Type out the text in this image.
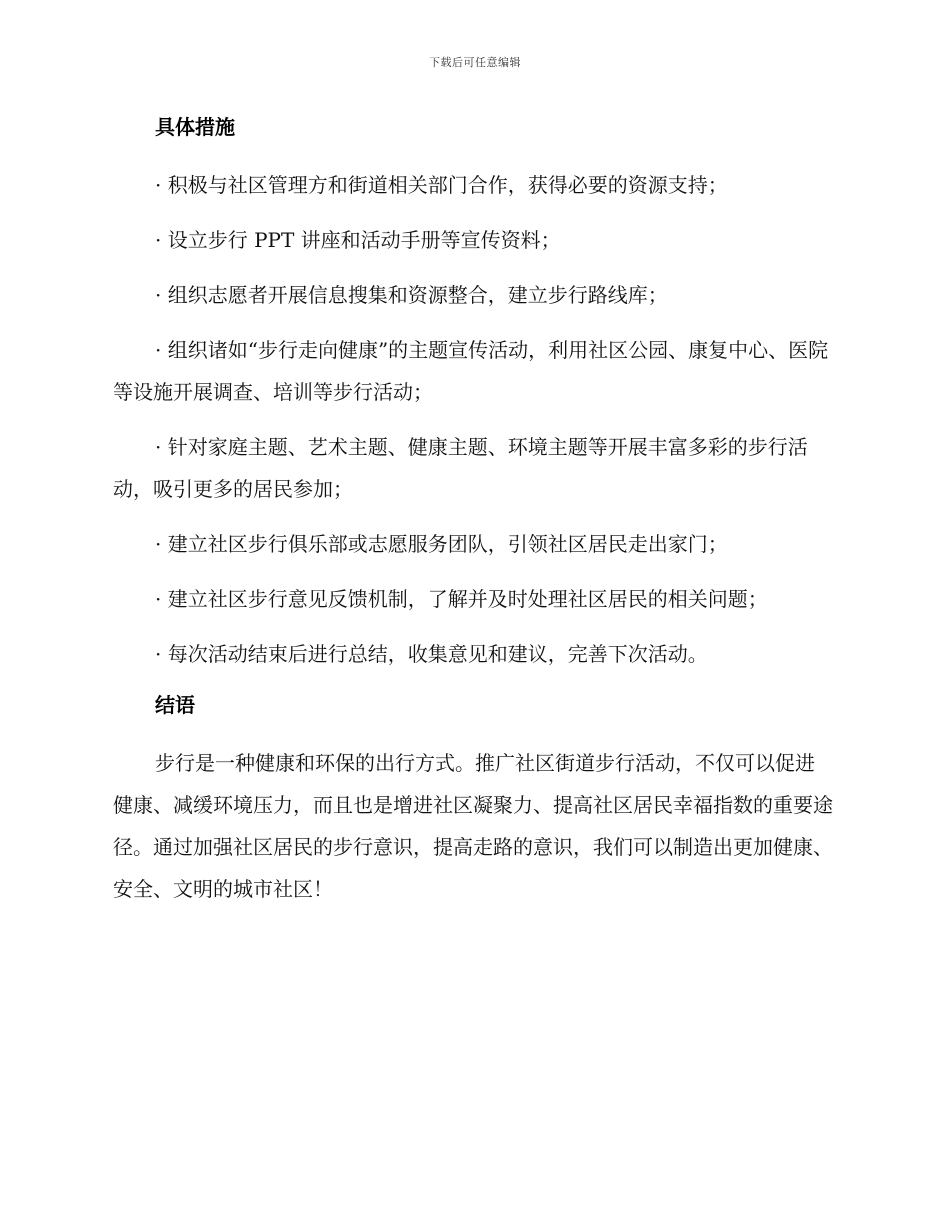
下载后可任意编辑
具体措施

· 积极与社区管理方和街道相关部门合作，获得必要的资源支持；

· 设立步行 PPT 讲座和活动手册等宣传资料；

· 组织志愿者开展信息搜集和资源整合，建立步行路线库；

· 组织诸如“步行走向健康”的主题宣传活动，利用社区公园、康复中心、医院等设施开展调查、培训等步行活动；

· 针对家庭主题、艺术主题、健康主题、环境主题等开展丰富多彩的步行活动，吸引更多的居民参加；

· 建立社区步行俱乐部或志愿服务团队，引领社区居民走出家门；

· 建立社区步行意见反馈机制，了解并及时处理社区居民的相关问题；

· 每次活动结束后进行总结，收集意见和建议，完善下次活动。

结语

步行是一种健康和环保的出行方式。推广社区街道步行活动，不仅可以促进健康、减缓环境压力，而且也是增进社区凝聚力、提高社区居民幸福指数的重要途径。通过加强社区居民的步行意识，提高走路的意识，我们可以制造出更加健康、安全、文明的城市社区！
